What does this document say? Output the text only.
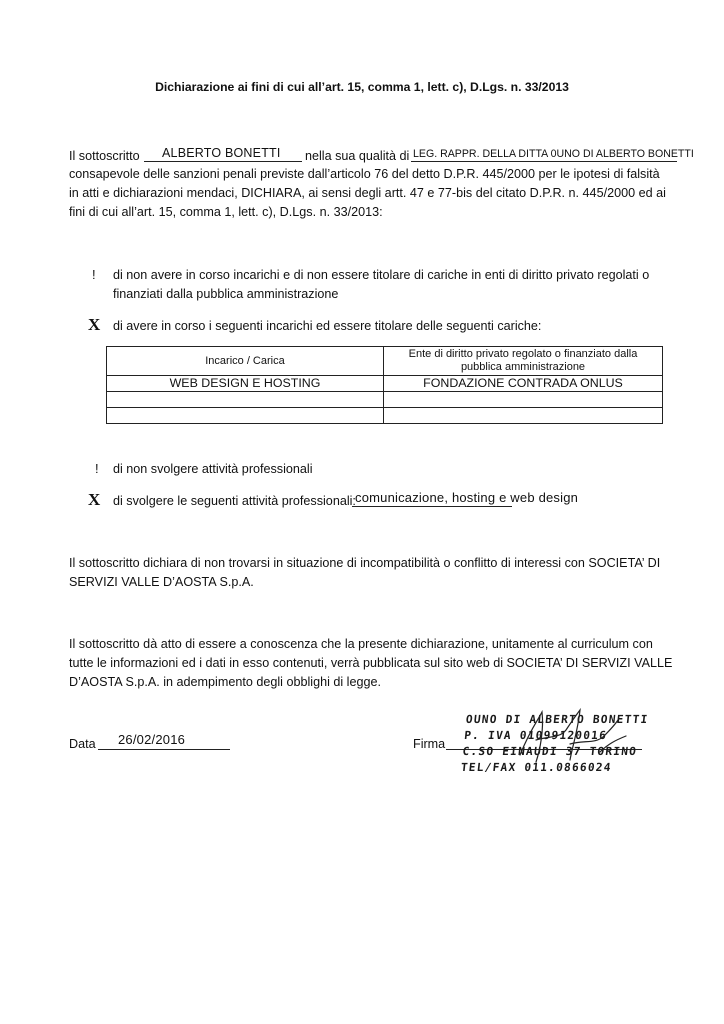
Dichiarazione ai fini di cui all’art. 15, comma 1, lett. c), D.Lgs. n. 33/2013
Il sottoscritto ALBERTO BONETTI nella sua qualità di LEG. RAPPR. DELLA DITTA 0UNO DI ALBERTO BONETTI
consapevole delle sanzioni penali previste dall’articolo 76 del detto D.P.R. 445/2000 per le ipotesi di falsità
in atti e dichiarazioni mendaci, DICHIARA, ai sensi degli artt. 47 e 77-bis del citato D.P.R. n. 445/2000 ed ai
fini di cui all’art. 15, comma 1, lett. c), D.Lgs. n. 33/2013:
! di non avere in corso incarichi e di non essere titolare di cariche in enti di diritto privato regolati o
finanziati dalla pubblica amministrazione
X di avere in corso i seguenti incarichi ed essere titolare delle seguenti cariche:
Incarico / Carica	Ente di diritto privato regolato o finanziato dalla pubblica amministrazione
WEB DESIGN E HOSTING	FONDAZIONE CONTRADA ONLUS

! di non svolgere attività professionali
X di svolgere le seguenti attività professionali: comunicazione, hosting e web design
Il sottoscritto dichiara di non trovarsi in situazione di incompatibilità o conflitto di interessi con SOCIETA’ DI
SERVIZI VALLE D’AOSTA S.p.A.
Il sottoscritto dà atto di essere a conoscenza che la presente dichiarazione, unitamente al curriculum con
tutte le informazioni ed i dati in esso contenuti, verrà pubblicata sul sito web di SOCIETA’ DI SERVIZI VALLE
D’AOSTA S.p.A. in adempimento degli obblighi di legge.
Data 26/02/2016	Firma
OUNO DI ALBERTO BONETTI
P. IVA 01099120016
C.SO EINAUDI 37 TORINO
TEL/FAX 011.0866024
